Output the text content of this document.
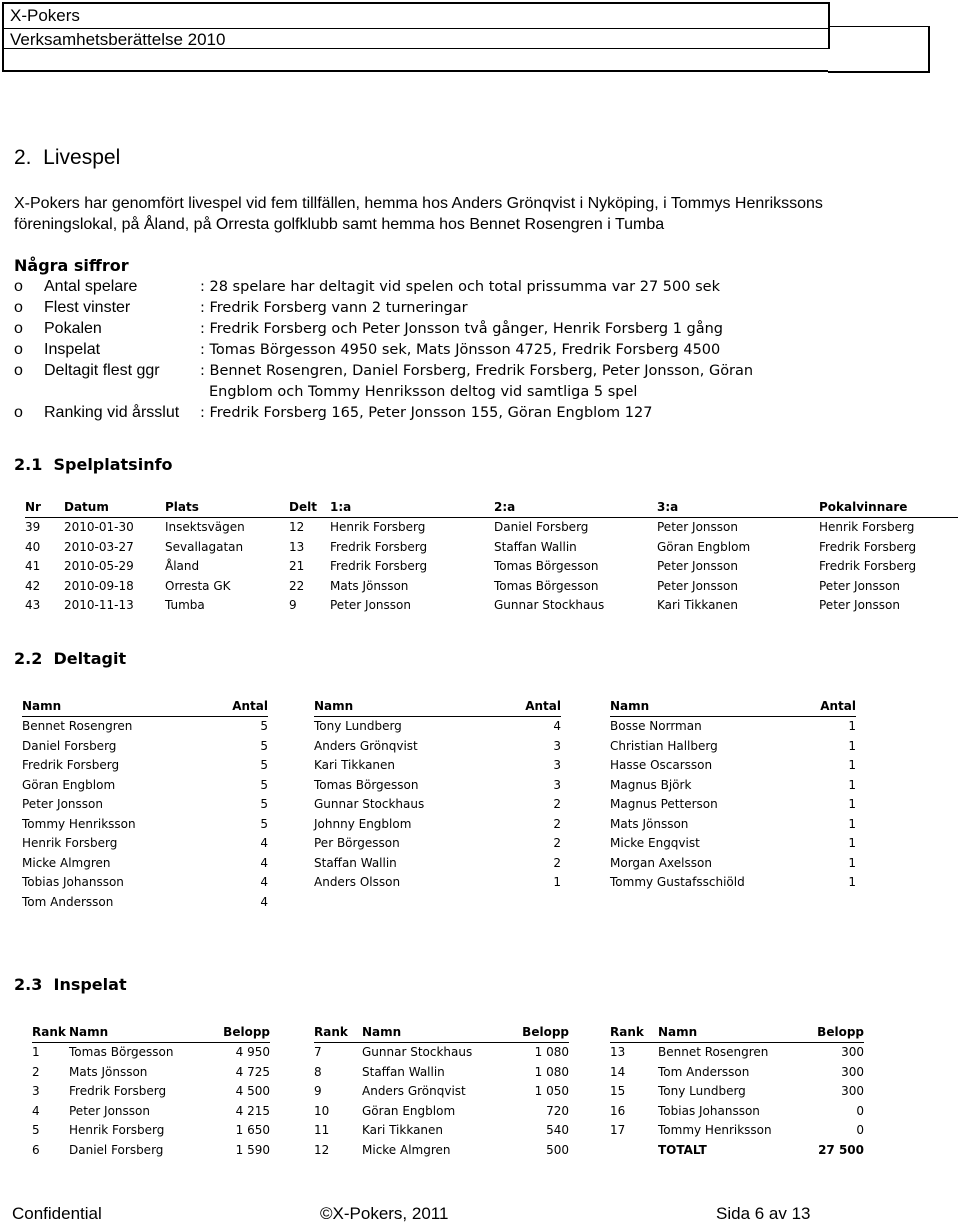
X-Pokers
Verksamhetsberättelse 2010
2.  Livespel
X-Pokers har genomfört livespel vid fem tillfällen, hemma hos Anders Grönqvist i Nyköping, i Tommys Henrikssons
föreningslokal, på Åland, på Orresta golfklubb samt hemma hos Bennet Rosengren i Tumba
Några siffror
o Antal spelare	: 28 spelare har deltagit vid spelen och total prissumma var 27 500 sek
o Flest vinster	: Fredrik Forsberg vann 2 turneringar
o Pokalen	: Fredrik Forsberg och Peter Jonsson två gånger, Henrik Forsberg 1 gång
o Inspelat	: Tomas Börgesson 4950 sek, Mats Jönsson 4725, Fredrik Forsberg 4500
o Deltagit flest ggr	: Bennet Rosengren, Daniel Forsberg, Fredrik Forsberg, Peter Jonsson, Göran
Engblom och Tommy Henriksson deltog vid samtliga 5 spel
o Ranking vid årsslut : Fredrik Forsberg 165, Peter Jonsson 155, Göran Engblom 127
2.1  Spelplatsinfo
Nr	Datum	Plats	Delt	1:a	2:a	3:a	Pokalvinnare
39	2010-01-30	Insektsvägen	12	Henrik Forsberg	Daniel Forsberg	Peter Jonsson	Henrik Forsberg
40	2010-03-27	Sevallagatan	13	Fredrik Forsberg	Staffan Wallin	Göran Engblom	Fredrik Forsberg
41	2010-05-29	Åland	21	Fredrik Forsberg	Tomas Börgesson	Peter Jonsson	Fredrik Forsberg
42	2010-09-18	Orresta GK	22	Mats Jönsson	Tomas Börgesson	Peter Jonsson	Peter Jonsson
43	2010-11-13	Tumba	9	Peter Jonsson	Gunnar Stockhaus	Kari Tikkanen	Peter Jonsson
2.2  Deltagit
Namn	Antal
Bennet Rosengren	5
Daniel Forsberg	5
Fredrik Forsberg	5
Göran Engblom	5
Peter Jonsson	5
Tommy Henriksson	5
Henrik Forsberg	4
Micke Almgren	4
Tobias Johansson	4
Tom Andersson	4
Namn	Antal
Tony Lundberg	4
Anders Grönqvist	3
Kari Tikkanen	3
Tomas Börgesson	3
Gunnar Stockhaus	2
Johnny Engblom	2
Per Börgesson	2
Staffan Wallin	2
Anders Olsson	1
Namn	Antal
Bosse Norrman	1
Christian Hallberg	1
Hasse Oscarsson	1
Magnus Björk	1
Magnus Petterson	1
Mats Jönsson	1
Micke Engqvist	1
Morgan Axelsson	1
Tommy Gustafsschiöld	1
2.3  Inspelat
Rank	Namn	Belopp
1	Tomas Börgesson	4 950
2	Mats Jönsson	4 725
3	Fredrik Forsberg	4 500
4	Peter Jonsson	4 215
5	Henrik Forsberg	1 650
6	Daniel Forsberg	1 590
Rank	Namn	Belopp
7	Gunnar Stockhaus	1 080
8	Staffan Wallin	1 080
9	Anders Grönqvist	1 050
10	Göran Engblom	720
11	Kari Tikkanen	540
12	Micke Almgren	500
Rank	Namn	Belopp
13	Bennet Rosengren	300
14	Tom Andersson	300
15	Tony Lundberg	300
16	Tobias Johansson	0
17	Tommy Henriksson	0
	TOTALT	27 500
Confidential	©X-Pokers, 2011	Sida 6 av 13
